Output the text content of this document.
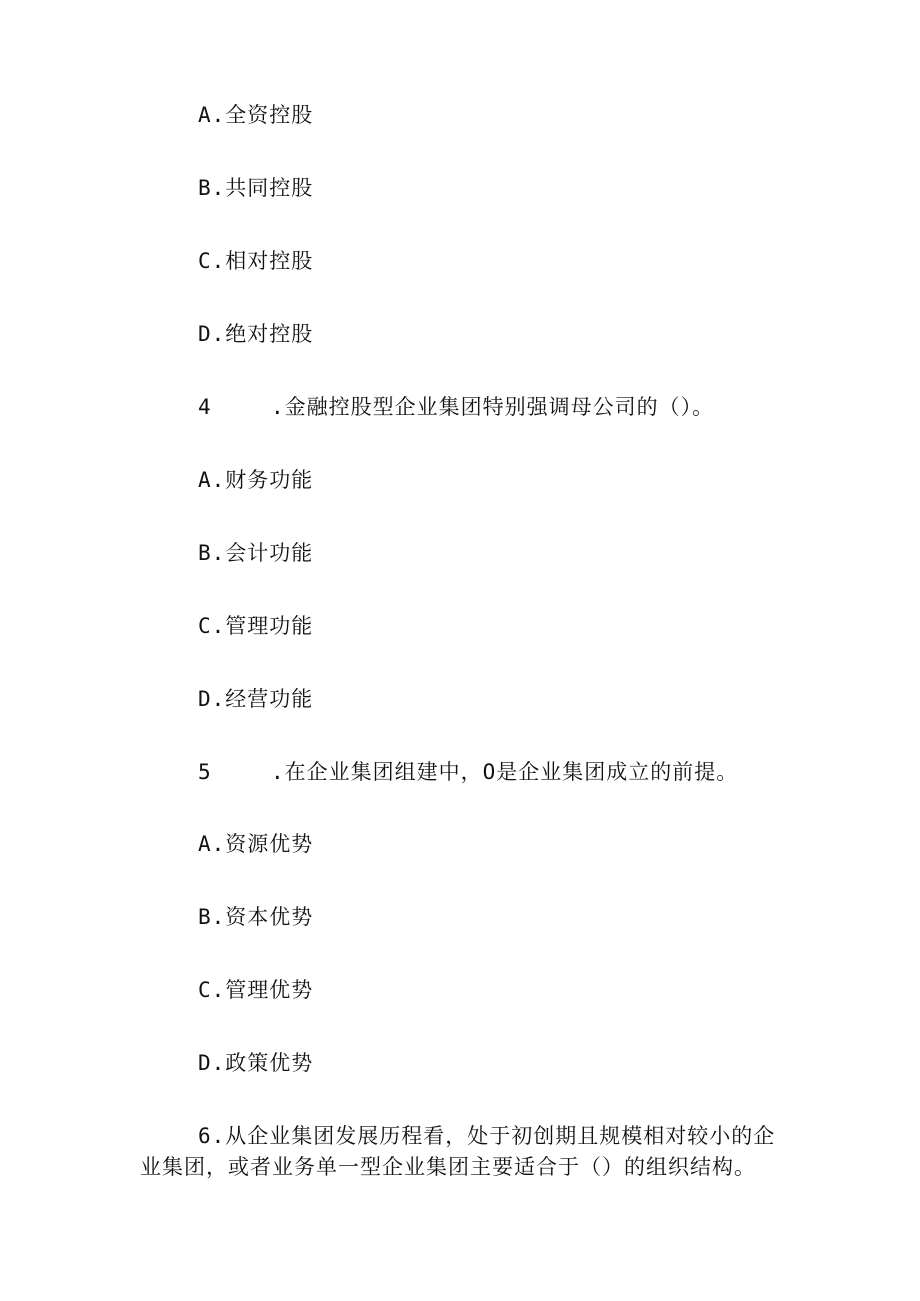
A.全资控股
B.共同控股
C.相对控股
D.绝对控股
4	.金融控股型企业集团特别强调母公司的（）。
A.财务功能
B.会计功能
C.管理功能
D.经营功能
5	.在企业集团组建中，O是企业集团成立的前提。
A.资源优势
B.资本优势
C.管理优势
D.政策优势
6.从企业集团发展历程看，处于初创期且规模相对较小的企
业集团，或者业务单一型企业集团主要适合于（）的组织结构。
